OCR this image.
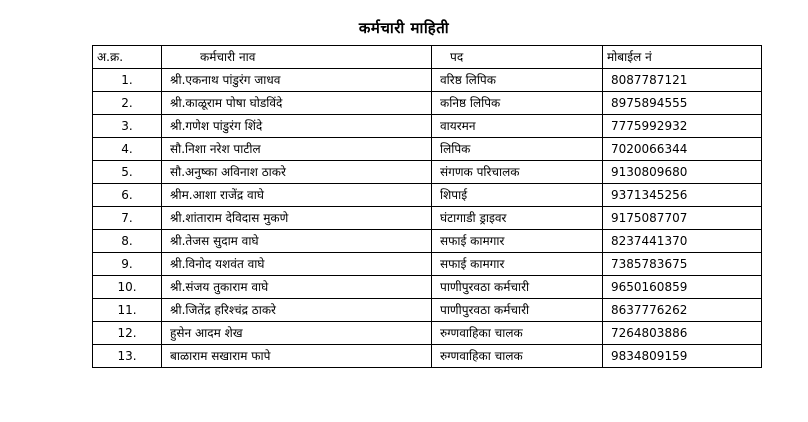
कर्मचारी माहिती
अ.क्र.	कर्मचारी नाव	पद	मोबाईल नं
1.	श्री.एकनाथ पांडुरंग जाधव	वरिष्ठ लिपिक	8087787121
2.	श्री.काळूराम पोषा घोडविंदे	कनिष्ठ लिपिक	8975894555
3.	श्री.गणेश पांडुरंग शिंदे	वायरमन	7775992932
4.	सौ.निशा नरेश पाटील	लिपिक	7020066344
5.	सौ.अनुष्का अविनाश ठाकरे	संगणक परिचालक	9130809680
6.	श्रीम.आशा राजेंद्र वाघे	शिपाई	9371345256
7.	श्री.शांताराम देविदास मुकणे	घंटागाडी ड्राइवर	9175087707
8.	श्री.तेजस सुदाम वाघे	सफाई कामगार	8237441370
9.	श्री.विनोद यशवंत वाघे	सफाई कामगार	7385783675
10.	श्री.संजय तुकाराम वाघे	पाणीपुरवठा कर्मचारी	9650160859
11.	श्री.जितेंद्र हरिश्चंद्र ठाकरे	पाणीपुरवठा कर्मचारी	8637776262
12.	हुसेन आदम शेख	रुग्णवाहिका चालक	7264803886
13.	बाळाराम सखाराम फापे	रुग्णवाहिका चालक	9834809159
